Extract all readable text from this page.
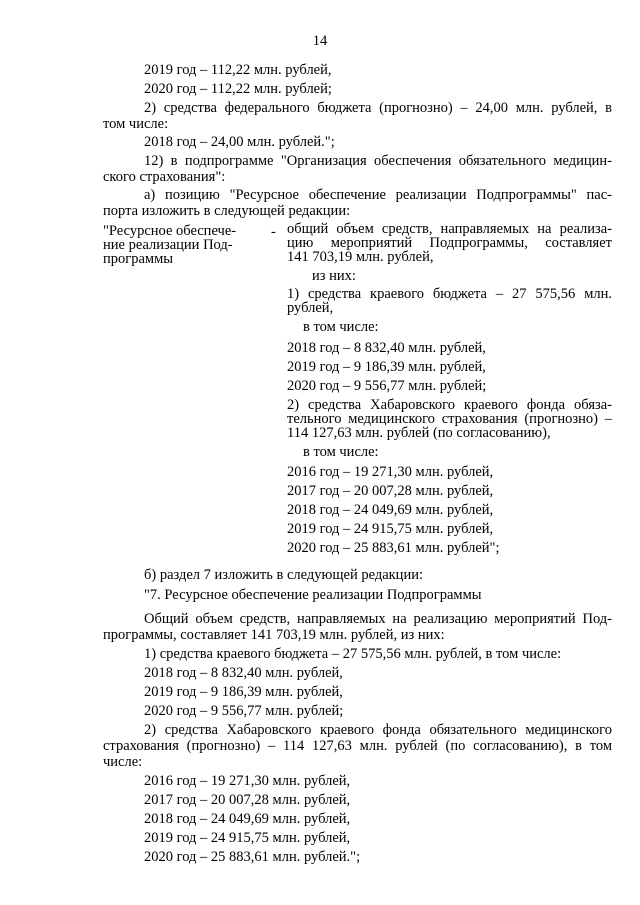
14
2019 год – 112,22 млн. рублей,
2020 год – 112,22 млн. рублей;
2) средства федерального бюджета (прогнозно) – 24,00 млн. рублей, в
том числе:
2018 год – 24,00 млн. рублей.";
12) в подпрограмме "Организация обеспечения обязательного медицин-
ского страхования":
а) позицию "Ресурсное обеспечение реализации Подпрограммы" пас-
порта изложить в следующей редакции:
"Ресурсное обеспече-
ние реализации Под-
программы
- общий объем средств, направляемых на реализа-
цию мероприятий Подпрограммы, составляет
141 703,19 млн. рублей,
из них:
1) средства краевого бюджета – 27 575,56 млн.
рублей,
в том числе:
2018 год – 8 832,40 млн. рублей,
2019 год – 9 186,39 млн. рублей,
2020 год – 9 556,77 млн. рублей;
2) средства Хабаровского краевого фонда обяза-
тельного медицинского страхования (прогнозно) –
114 127,63 млн. рублей (по согласованию),
в том числе:
2016 год – 19 271,30 млн. рублей,
2017 год – 20 007,28 млн. рублей,
2018 год – 24 049,69 млн. рублей,
2019 год – 24 915,75 млн. рублей,
2020 год – 25 883,61 млн. рублей";
б) раздел 7 изложить в следующей редакции:
"7. Ресурсное обеспечение реализации Подпрограммы
Общий объем средств, направляемых на реализацию мероприятий Под-
программы, составляет 141 703,19 млн. рублей, из них:
1) средства краевого бюджета – 27 575,56 млн. рублей, в том числе:
2018 год – 8 832,40 млн. рублей,
2019 год – 9 186,39 млн. рублей,
2020 год – 9 556,77 млн. рублей;
2) средства Хабаровского краевого фонда обязательного медицинского
страхования (прогнозно) – 114 127,63 млн. рублей (по согласованию), в том
числе:
2016 год – 19 271,30 млн. рублей,
2017 год – 20 007,28 млн. рублей,
2018 год – 24 049,69 млн. рублей,
2019 год – 24 915,75 млн. рублей,
2020 год – 25 883,61 млн. рублей.";
